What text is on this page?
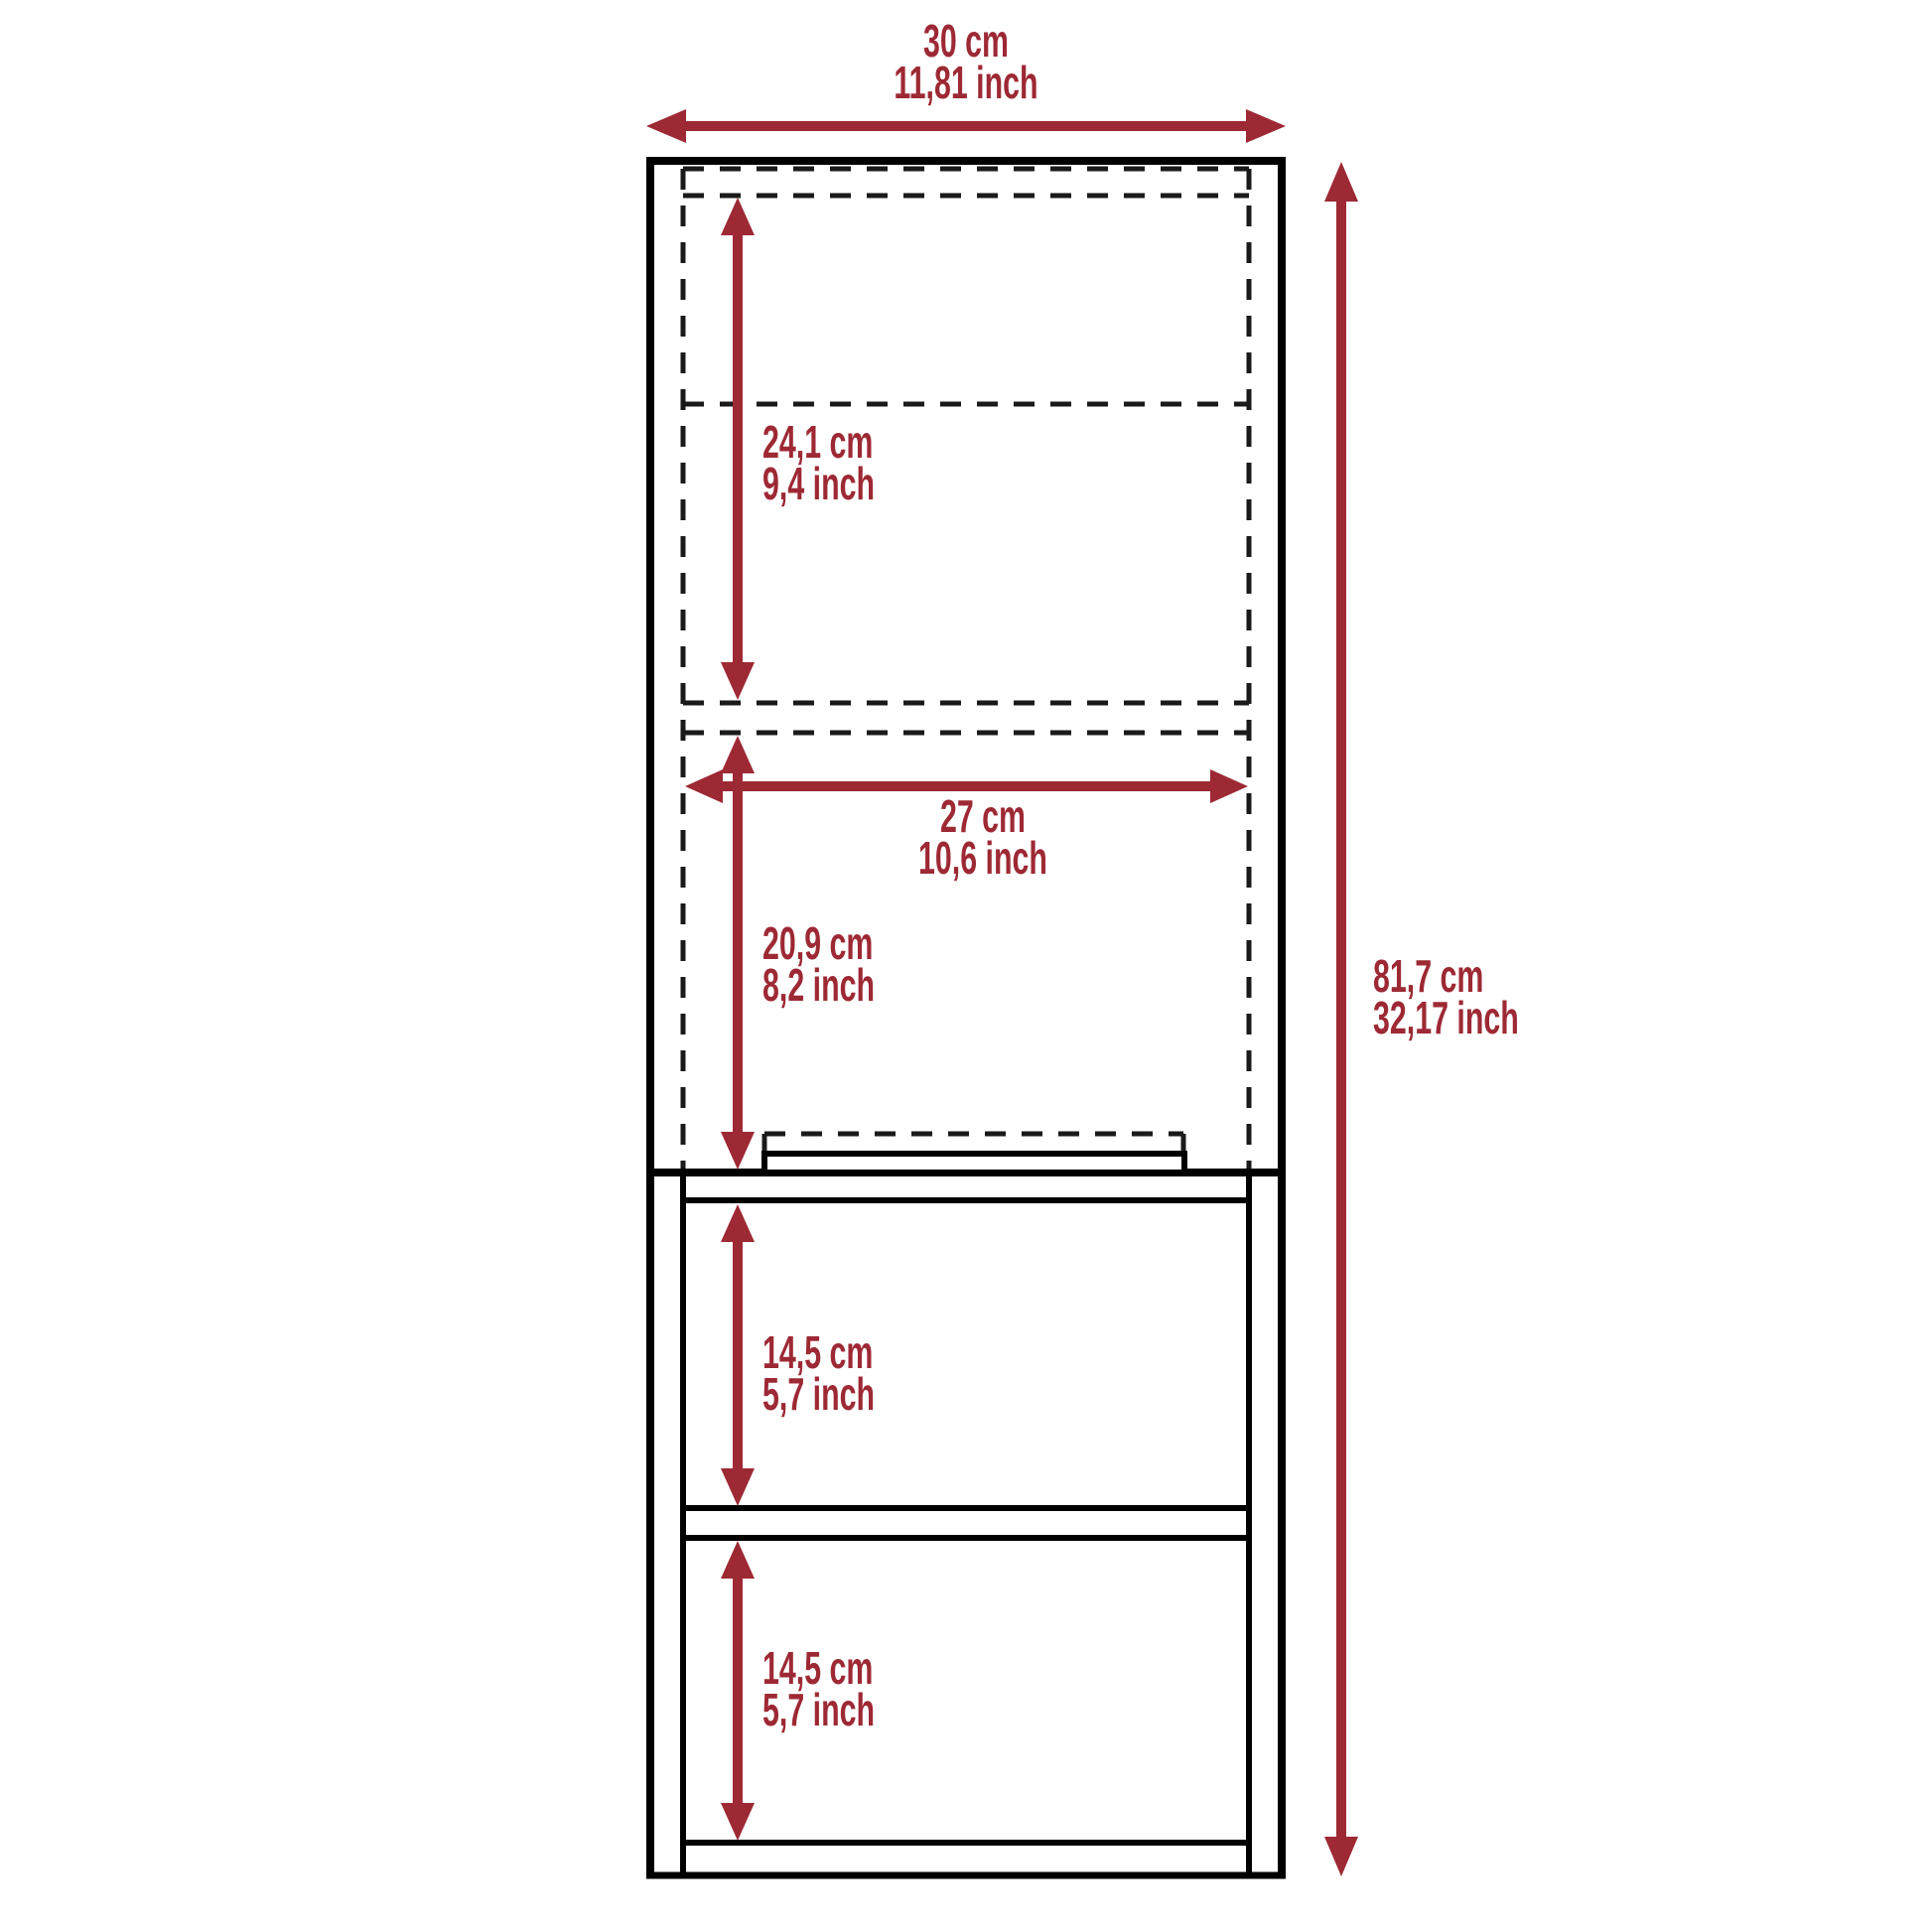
30 cm
11,81 inch
81,7 cm
32,17 inch
24,1 cm
9,4 inch
27 cm
10,6 inch
20,9 cm
8,2 inch
14,5 cm
5,7 inch
14,5 cm
5,7 inch
